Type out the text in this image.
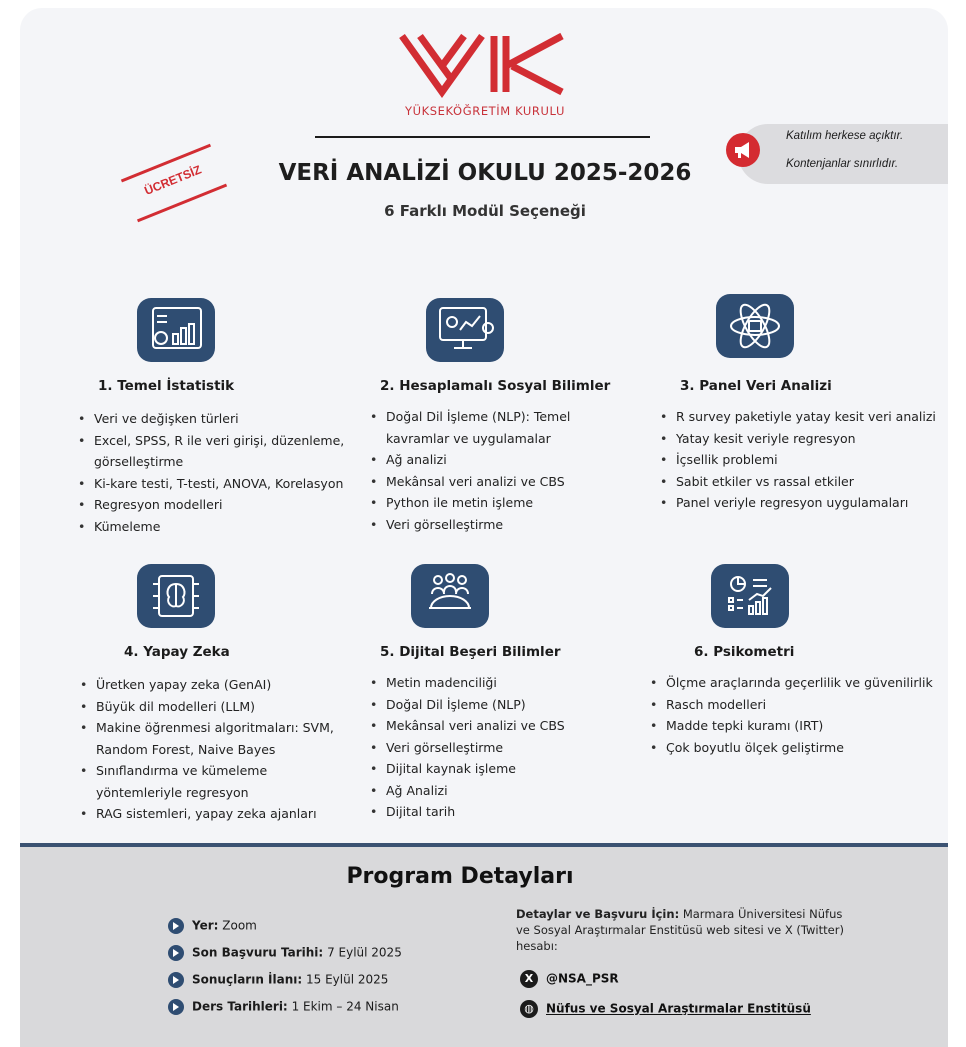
YÜKSEKÖĞRETİM KURULU
ÜCRETSİZ
Katılım herkese açıktır.
Kontenjanlar sınırlıdır.
VERİ ANALİZİ OKULU 2025-2026
6 Farklı Modül Seçeneği
1. Temel İstatistik
• Veri ve değişken türleri
• Excel, SPSS, R ile veri girişi, düzenleme, görselleştirme
• Ki-kare testi, T-testi, ANOVA, Korelasyon
• Regresyon modelleri
• Kümeleme
2. Hesaplamalı Sosyal Bilimler
• Doğal Dil İşleme (NLP): Temel kavramlar ve uygulamalar
• Ağ analizi
• Mekânsal veri analizi ve CBS
• Python ile metin işleme
• Veri görselleştirme
3. Panel Veri Analizi
• R survey paketiyle yatay kesit veri analizi
• Yatay kesit veriyle regresyon
• İçsellik problemi
• Sabit etkiler vs rassal etkiler
• Panel veriyle regresyon uygulamaları
4. Yapay Zeka
• Üretken yapay zeka (GenAI)
• Büyük dil modelleri (LLM)
• Makine öğrenmesi algoritmaları: SVM, Random Forest, Naive Bayes
• Sınıflandırma ve kümeleme yöntemleriyle regresyon
• RAG sistemleri, yapay zeka ajanları
5. Dijital Beşeri Bilimler
• Metin madenciliği
• Doğal Dil İşleme (NLP)
• Mekânsal veri analizi ve CBS
• Veri görselleştirme
• Dijital kaynak işleme
• Ağ Analizi
• Dijital tarih
6. Psikometri
• Ölçme araçlarında geçerlilik ve güvenilirlik
• Rasch modelleri
• Madde tepki kuramı (IRT)
• Çok boyutlu ölçek geliştirme
Program Detayları
Yer: Zoom
Son Başvuru Tarihi: 7 Eylül 2025
Sonuçların İlanı: 15 Eylül 2025
Ders Tarihleri: 1 Ekim – 24 Nisan
Detaylar ve Başvuru İçin: Marmara Üniversitesi Nüfus ve Sosyal Araştırmalar Enstitüsü web sitesi ve X (Twitter) hesabı:
X @NSA_PSR
◍ Nüfus ve Sosyal Araştırmalar Enstitüsü
